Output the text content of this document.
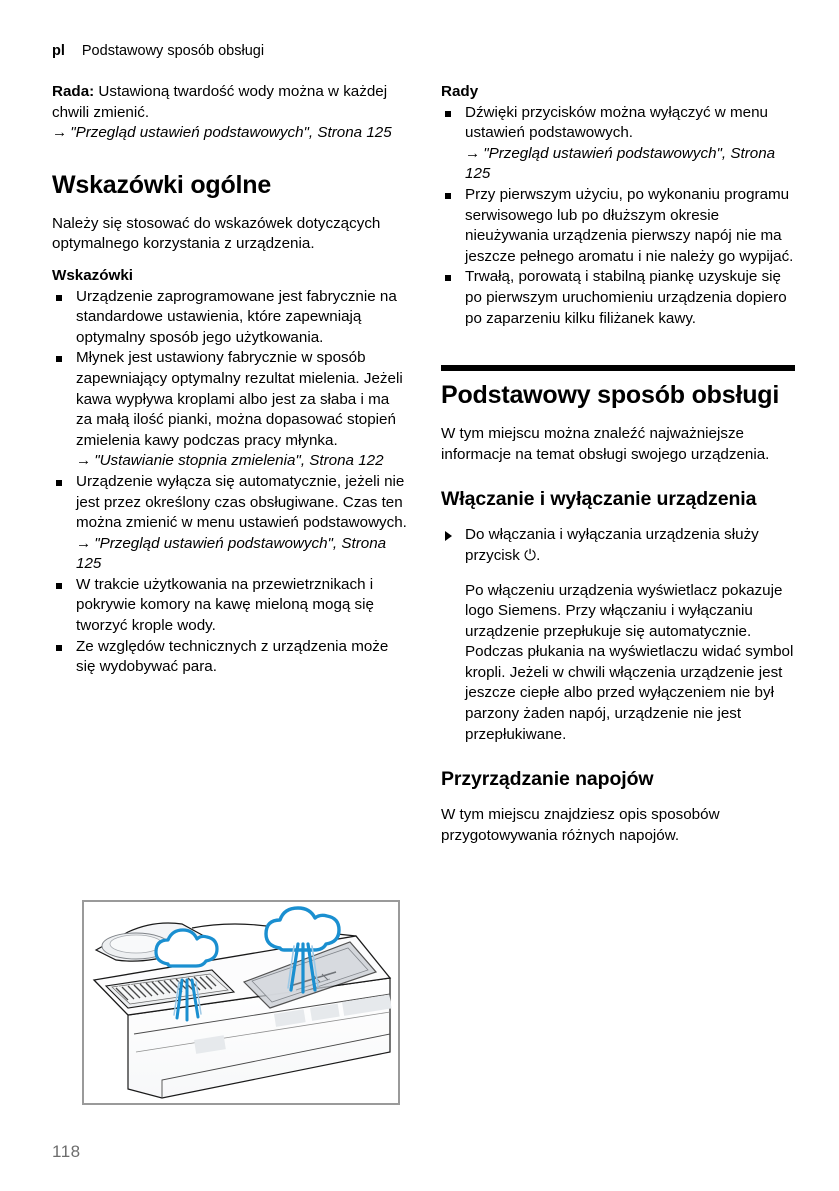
pl Podstawowy sposób obsługi

Rada: Ustawioną twardość wody można w każdej chwili zmienić.

→ "Przegląd ustawień podstawowych", Strona 125

Wskazówki ogólne

Należy się stosować do wskazówek dotyczących optymalnego korzystania z urządzenia.

Wskazówki

Urządzenie zaprogramowane jest fabrycznie na standardowe ustawienia, które zapewniają optymalny sposób jego użytkowania.

Młynek jest ustawiony fabrycznie w sposób zapewniający optymalny rezultat mielenia. Jeżeli kawa wypływa kroplami albo jest za słaba i ma za małą ilość pianki, można dopasować stopień zmielenia kawy podczas pracy młynka.

→ "Ustawianie stopnia zmielenia", Strona 122

Urządzenie wyłącza się automatycznie, jeżeli nie jest przez określony czas obsługiwane. Czas ten można zmienić w menu ustawień podstawowych.

→ "Przegląd ustawień podstawowych", Strona 125

W trakcie użytkowania na przewietrznikach i pokrywie komory na kawę mieloną mogą się tworzyć krople wody.

Ze względów technicznych z urządzenia może się wydobywać para.

Rady

Dźwięki przycisków można wyłączyć w menu ustawień podstawowych.

→ "Przegląd ustawień podstawowych", Strona 125

Przy pierwszym użyciu, po wykonaniu programu serwisowego lub po dłuższym okresie nieużywania urządzenia pierwszy napój nie ma jeszcze pełnego aromatu i nie należy go wypijać.

Trwałą, porowatą i stabilną piankę uzyskuje się po pierwszym uruchomieniu urządzenia dopiero po zaparzeniu kilku filiżanek kawy.

Podstawowy sposób obsługi

W tym miejscu można znaleźć najważniejsze informacje na temat obsługi swojego urządzenia.

Włączanie i wyłączanie urządzenia

Do włączania i wyłączania urządzenia służy przycisk ⏻.

Po włączeniu urządzenia wyświetlacz pokazuje logo Siemens. Przy włączaniu i wyłączaniu urządzenie przepłukuje się automatycznie. Podczas płukania na wyświetlaczu widać symbol kropli. Jeżeli w chwili włączenia urządzenie jest jeszcze ciepłe albo przed wyłączeniem nie był parzony żaden napój, urządzenie nie jest przepłukiwane.

Przyrządzanie napojów

W tym miejscu znajdziesz opis sposobów przygotowywania różnych napojów.

118
